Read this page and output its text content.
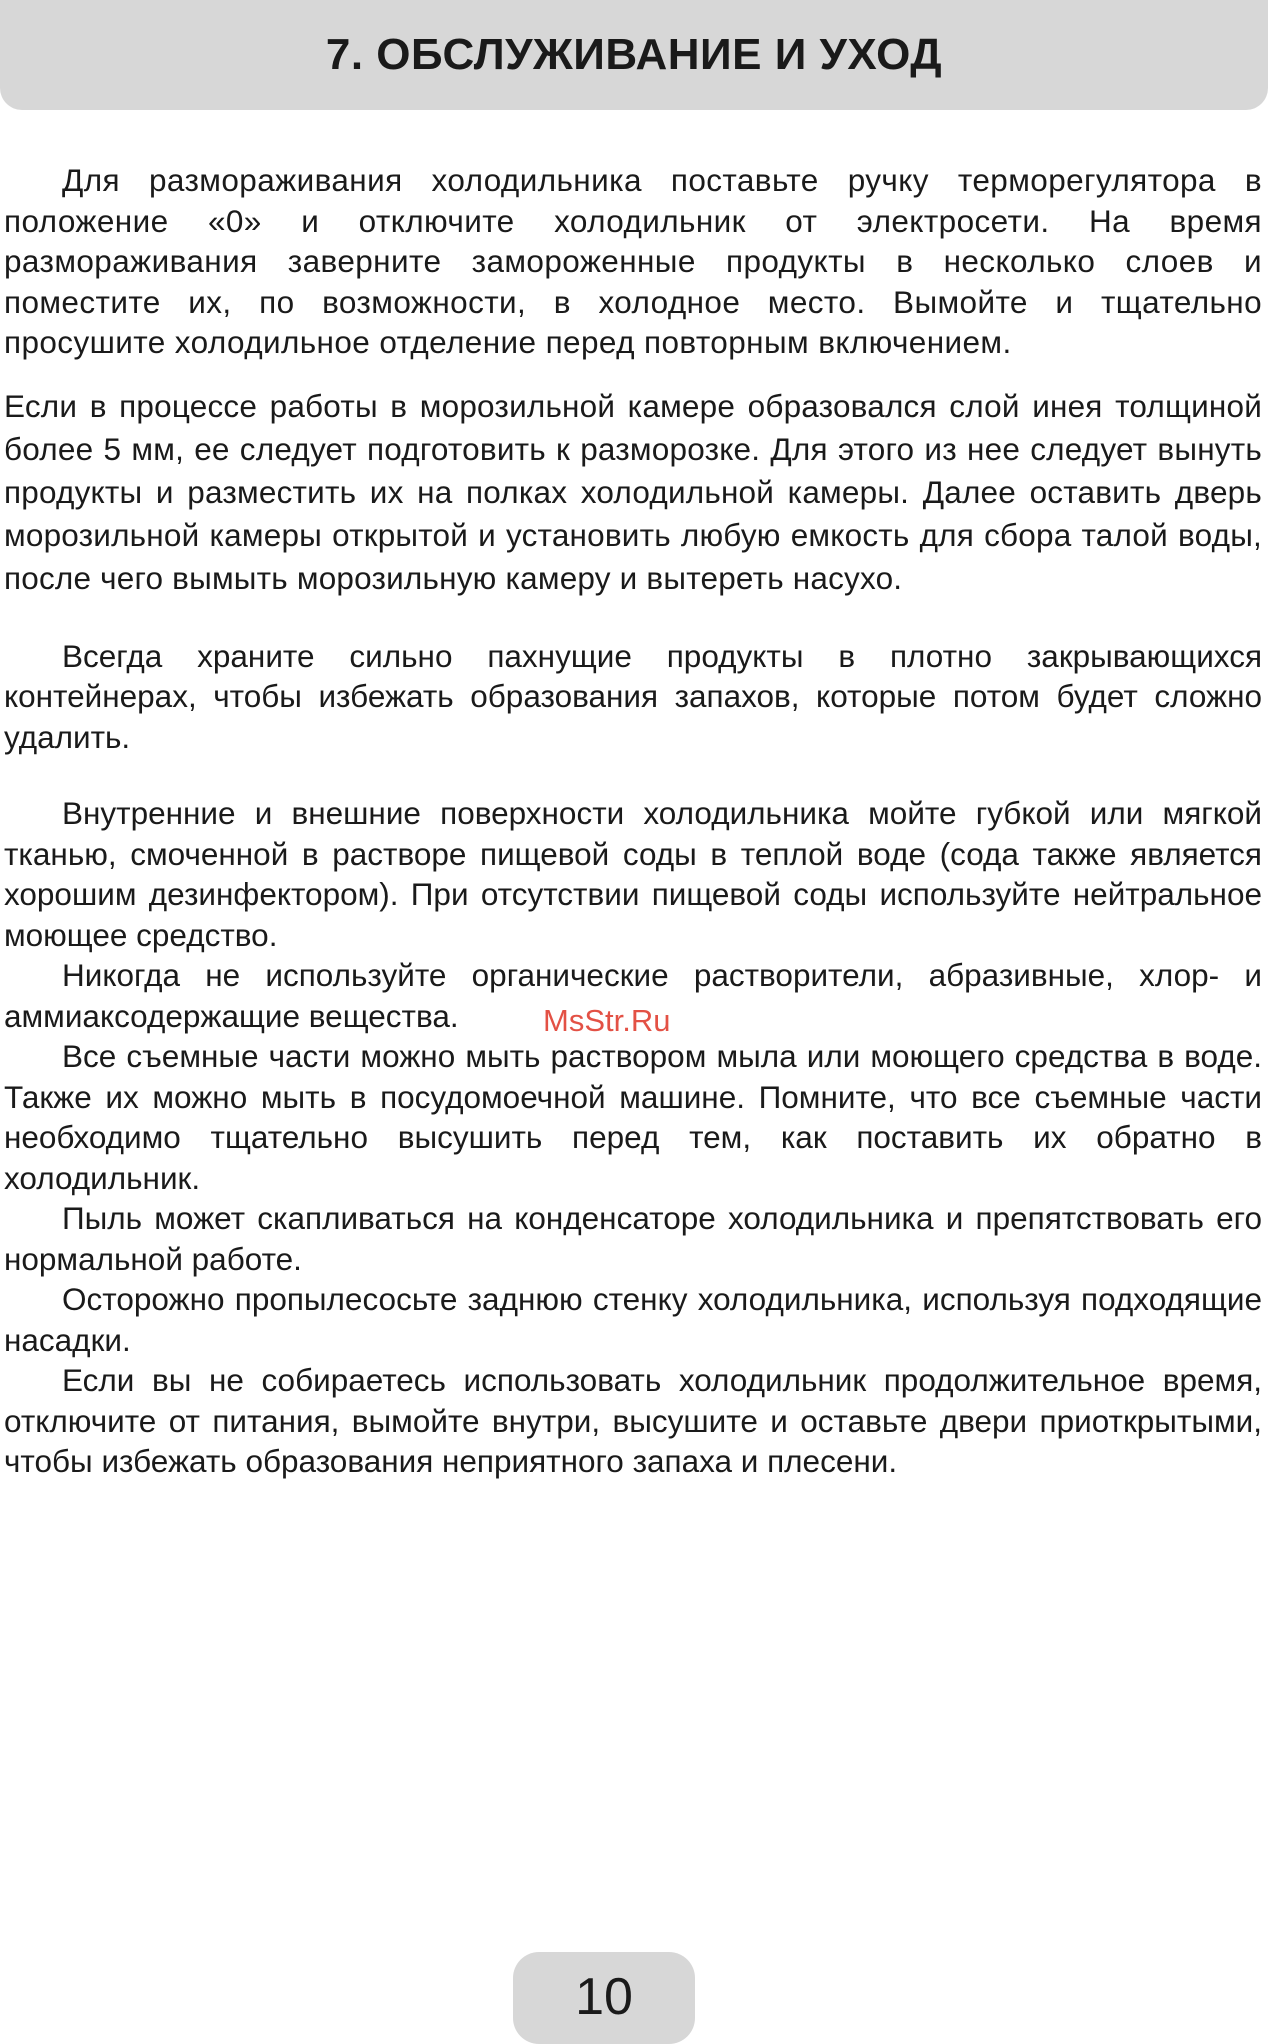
7. ОБСЛУЖИВАНИЕ И УХОД

Для размораживания холодильника поставьте ручку терморегулятора в положение «0» и отключите холодильник от электросети. На время размораживания заверните замороженные продукты в несколько слоев и поместите их, по возможности, в холодное место. Вымойте и тщательно просушите холодильное отделение перед повторным включением.

Если в процессе работы в морозильной камере образовался слой инея толщиной более 5 мм, ее следует подготовить к разморозке. Для этого из нее следует вынуть продукты и разместить их на полках холодильной камеры. Далее оставить дверь морозильной камеры открытой и установить любую емкость для сбора талой воды, после чего вымыть морозильную камеру и вытереть насухо.

Всегда храните сильно пахнущие продукты в плотно закрывающихся контейнерах, чтобы избежать образования запахов, которые потом будет сложно удалить.

Внутренние и внешние поверхности холодильника мойте губкой или мягкой тканью, смоченной в растворе пищевой соды в теплой воде (сода также является хорошим дезинфектором). При отсутствии пищевой соды используйте нейтральное моющее средство.

Никогда не используйте органические растворители, абразивные, хлор- и аммиаксодержащие вещества.

Все съемные части можно мыть раствором мыла или моющего средства в воде. Также их можно мыть в посудомоечной машине. Помните, что все съемные части необходимо тщательно высушить перед тем, как поставить их обратно в холодильник.

Пыль может скапливаться на конденсаторе холодильника и препятствовать его нормальной работе.

Осторожно пропылесосьте заднюю стенку холодильника, используя подходящие насадки.

Если вы не собираетесь использовать холодильник продолжительное время, отключите от питания, вымойте внутри, высушите и оставьте двери приоткрытыми, чтобы избежать образования неприятного запаха и плесени.

MsStr.Ru
10
